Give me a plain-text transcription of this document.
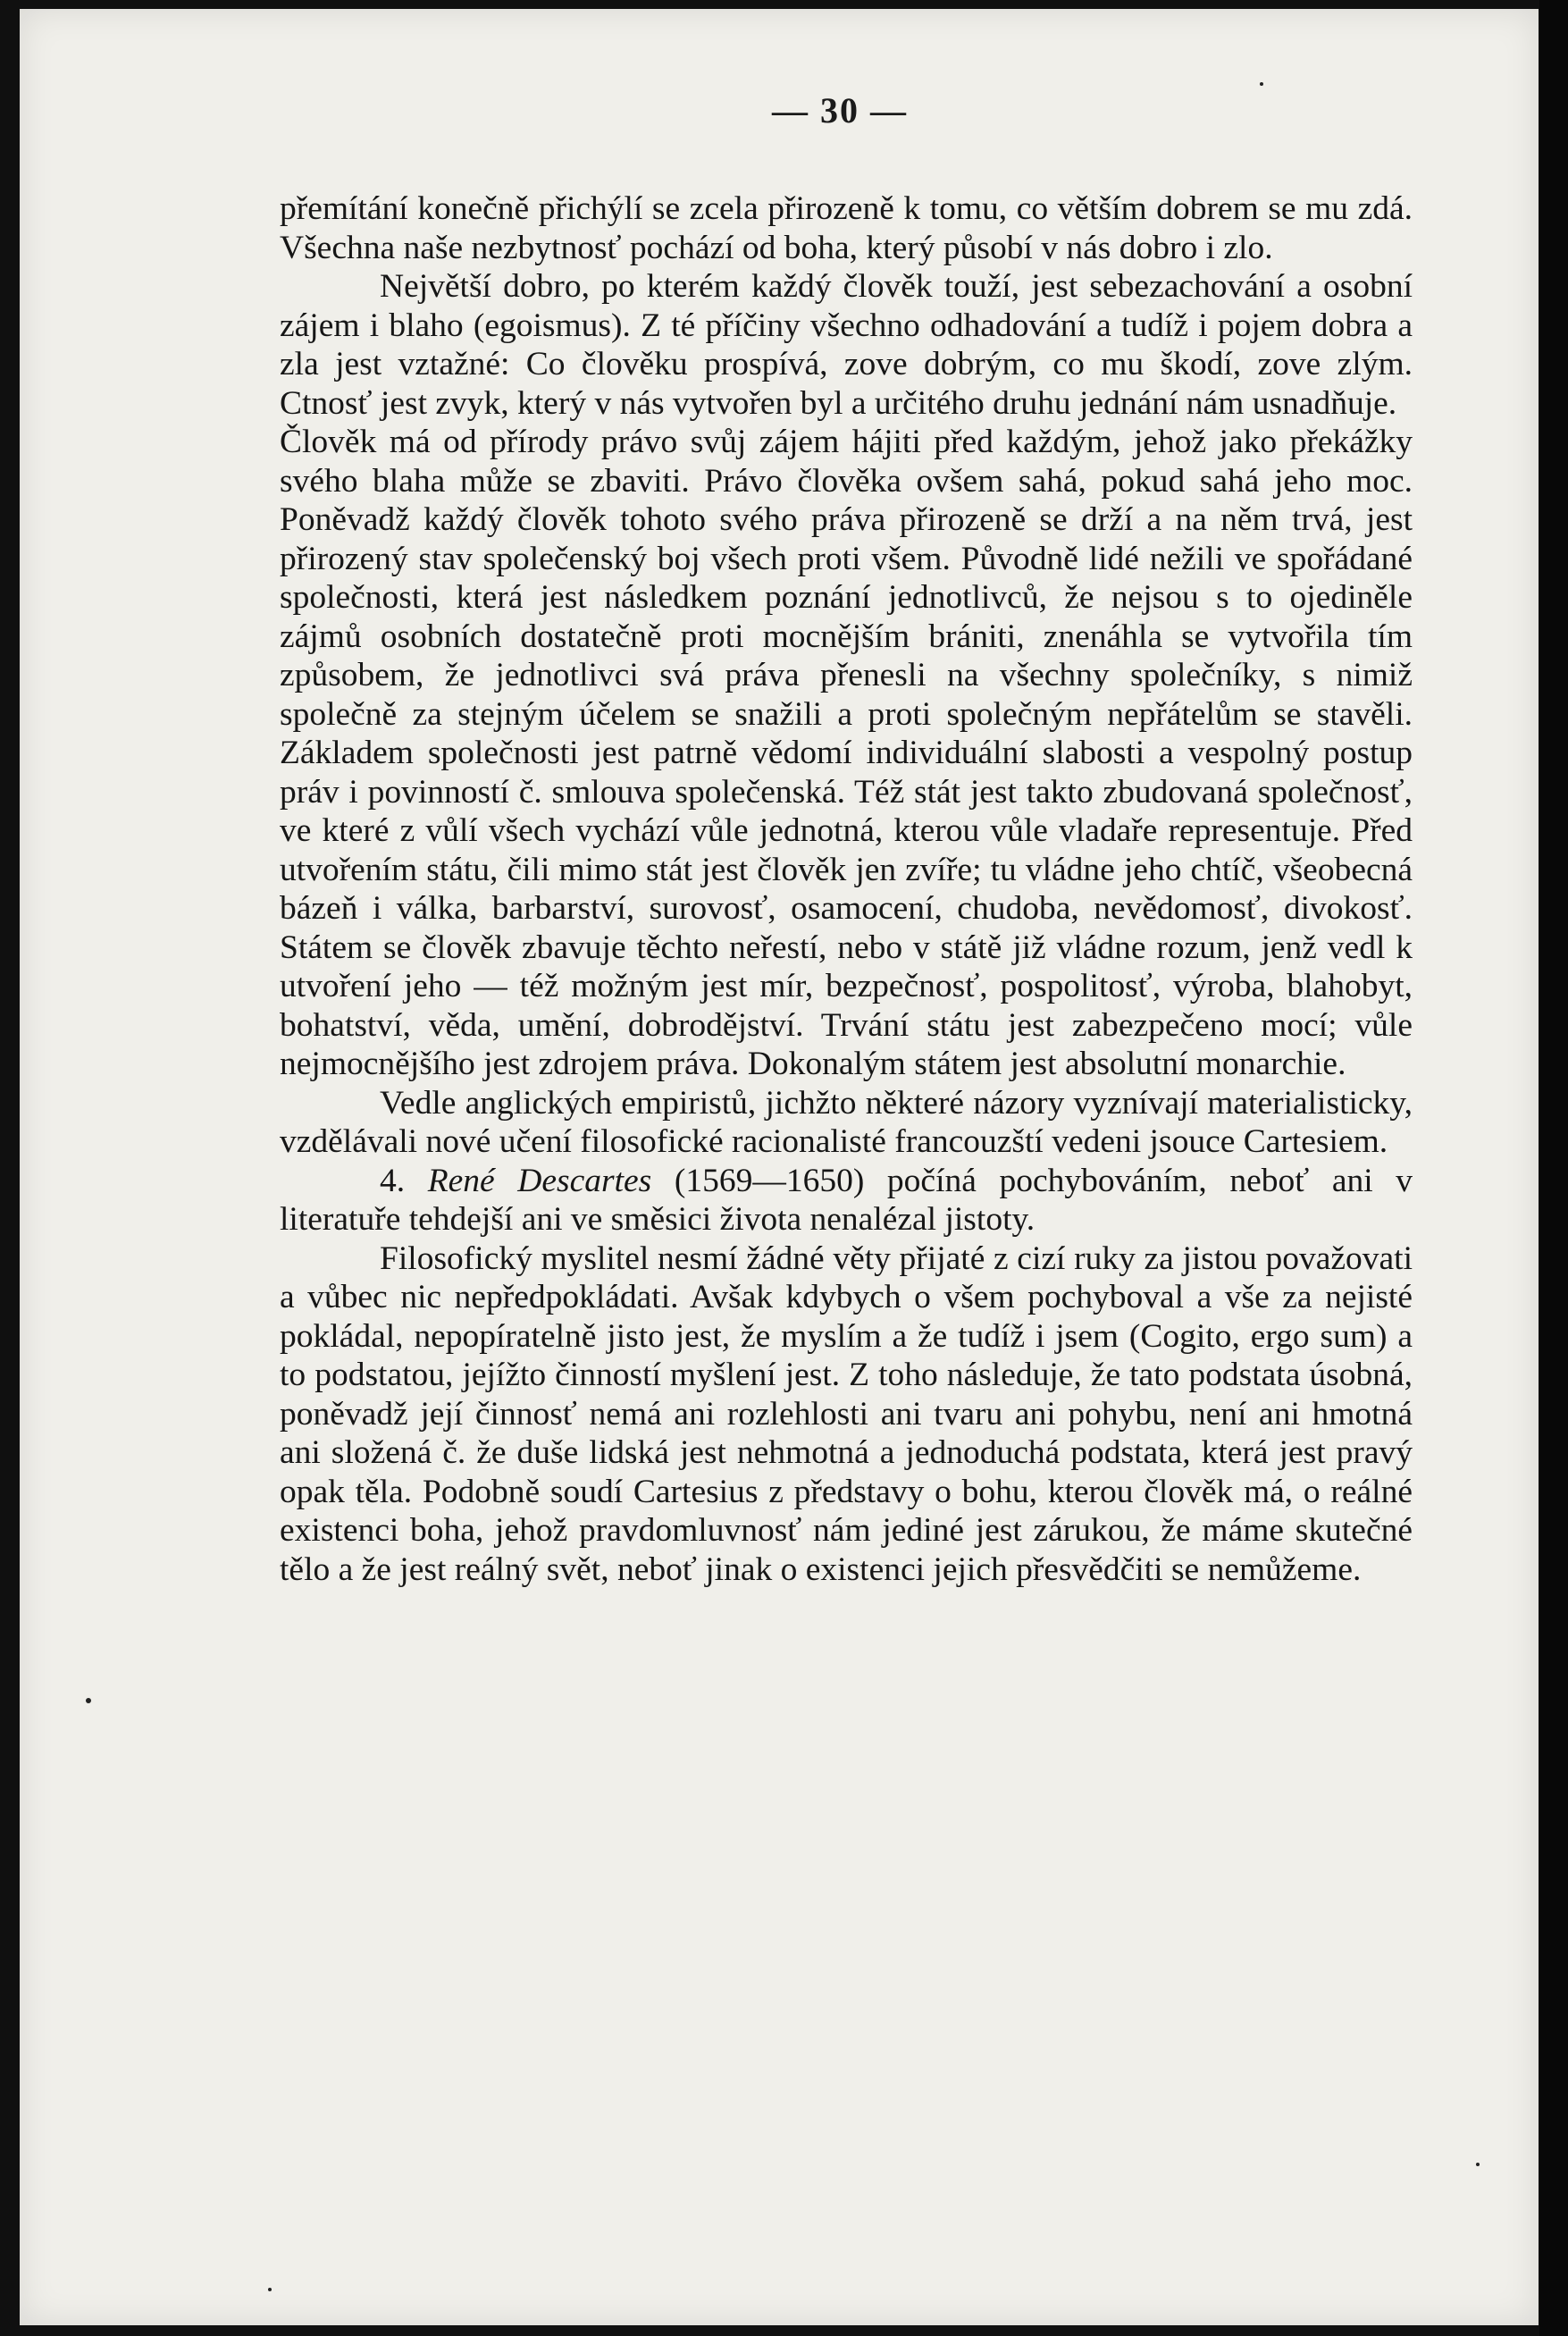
— 30 —

přemítání konečně přichýlí se zcela přirozeně k tomu, co větším dobrem se mu zdá. Všechna naše nezbytnosť pochází od boha, který působí v nás dobro i zlo.

Největší dobro, po kterém každý člověk touží, jest sebezachování a osobní zájem i blaho (egoismus). Z té příčiny všechno odhadování a tudíž i pojem dobra a zla jest vztažné: Co člověku prospívá, zove dobrým, co mu škodí, zove zlým. Ctnosť jest zvyk, který v nás vytvořen byl a určitého druhu jednání nám usnadňuje.

Člověk má od přírody právo svůj zájem hájiti před každým, jehož jako překážky svého blaha může se zbaviti. Právo člověka ovšem sahá, pokud sahá jeho moc. Poněvadž každý člověk tohoto svého práva přirozeně se drží a na něm trvá, jest přirozený stav společenský boj všech proti všem. Původně lidé nežili ve spořádané společnosti, která jest následkem poznání jednotlivců, že nejsou s to ojediněle zájmů osobních dostatečně proti mocnějším brániti, znenáhla se vytvořila tím způsobem, že jednotlivci svá práva přenesli na všechny společníky, s nimiž společně za stejným účelem se snažili a proti společným nepřátelům se stavěli. Základem společnosti jest patrně vědomí individuální slabosti a vespolný postup práv i povinností č. smlouva společenská. Též stát jest takto zbudovaná společnosť, ve které z vůlí všech vychází vůle jednotná, kterou vůle vladaře representuje. Před utvořením státu, čili mimo stát jest člověk jen zvíře; tu vládne jeho chtíč, všeobecná bázeň i válka, barbarství, surovosť, osamocení, chudoba, nevědomosť, divokosť. Státem se člověk zbavuje těchto neřestí, nebo v státě již vládne rozum, jenž vedl k utvoření jeho — též možným jest mír, bezpečnosť, pospolitosť, výroba, blahobyt, bohatství, věda, umění, dobrodějství. Trvání státu jest zabezpečeno mocí; vůle nejmocnějšího jest zdrojem práva. Dokonalým státem jest absolutní monarchie.

Vedle anglických empiristů, jichžto některé názory vyznívají materialisticky, vzdělávali nové učení filosofické racionalisté francouzští vedeni jsouce Cartesiem.

4. René Descartes (1569—1650) počíná pochybováním, neboť ani v literatuře tehdejší ani ve směsici života nenalézal jistoty.

Filosofický myslitel nesmí žádné věty přijaté z cizí ruky za jistou považovati a vůbec nic nepředpokládati. Avšak kdybych o všem pochyboval a vše za nejisté pokládal, nepopíratelně jisto jest, že myslím a že tudíž i jsem (Cogito, ergo sum) a to podstatou, jejížto činností myšlení jest. Z toho následuje, že tato podstata úsobná, poněvadž její činnosť nemá ani rozlehlosti ani tvaru ani pohybu, není ani hmotná ani složená č. že duše lidská jest nehmotná a jednoduchá podstata, která jest pravý opak těla. Podobně soudí Cartesius z představy o bohu, kterou člověk má, o reálné existenci boha, jehož pravdomluvnosť nám jediné jest zárukou, že máme skutečné tělo a že jest reálný svět, neboť jinak o existenci jejich přesvědčiti se nemůžeme.
